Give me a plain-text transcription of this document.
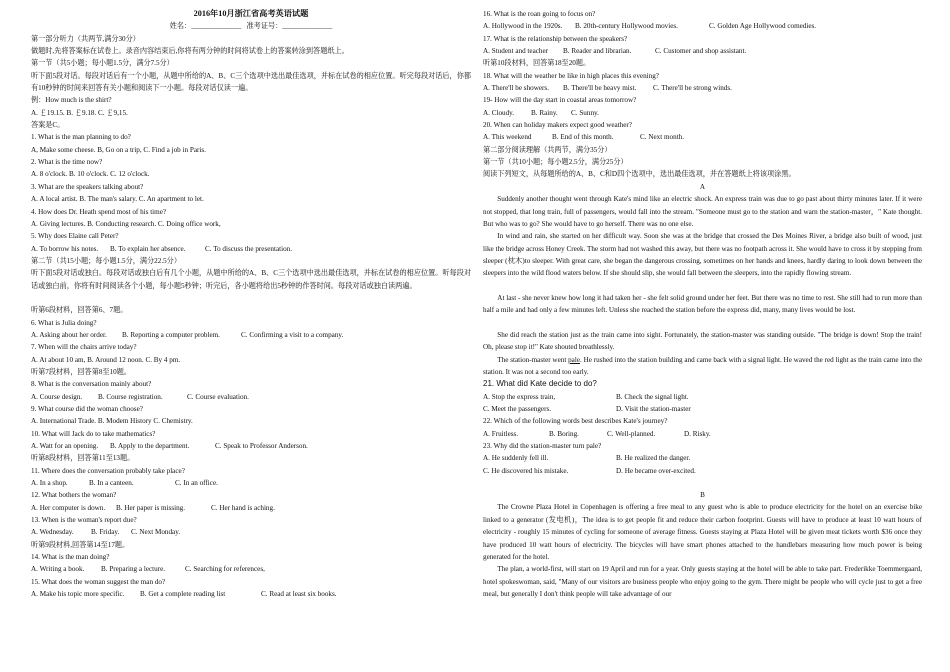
2016年10月浙江省高考英语试题
姓名：______________ 准考证号：______________
第一部分听力（共两节,满分30分）
做题时,先将答案标在试卷上。录音内容结束后,你将有两分钟的时间将试卷上的答案转涂到答题纸上。
第一节（共5小题；每小题1.5分，满分7.5分）
听下面5段对话。每段对话后有一个小题，从题中所给的A、B、C三个选项中选出最佳选项，并标在试卷的相应位置。听完每段对话后，你都有10秒钟的时间来回答有关小题和阅读下一小题。每段对话仅读一遍。
例：How much is the shirt?
A. ￡19.15. B. ￡9.18. C. ￡9,15.
答案是C。
1. What is the man planning to do?
A, Make some cheese. B, Go on a trip, C. Find a job in Paris.
2. What is the time now?
A. 8 o'clock. B. 10 o'clock. C. 12 o'clock.
3. What are the speakers talking about?
A. A local artist. B. The man's salary. C. An apartment to let.
4. How does Dr. Heath spend most of his time?
A. Giving lectures. B. Conducting research. C. Doing office work,
5. Why does Elaine call Peter?
A. To borrow his notes.	B. To explain her absence.	C. To discuss the presentation.
第二节（共15小题；每小题1.5分，满分22.5分）
听下面5段对话或独白。每段对话或独白后有几个小题，从题中所给的A、B、C三个选项中选出最佳选项，并标在试卷的相应位置。听每段对话或独白前，你将有时间阅读各个小题，每小题5秒钟；听完后，各小题将给出5秒钟的作答时间。每段对话或独白读两遍。
听第6段材料，回答第6、7题。
6. What is Julia doing?
A. Asking about her order.	B. Reporting a computer problem.	C. Confirming a visit to a company.
7. When will the chairs arrive today?
A. At about 10 am, B. Around 12 noon. C. By 4 pm.
听第7段材料，回答第8至10题。
8. What is the conversation mainly about?
A. Course design.	B. Course registration.	C. Course evaluation.
9. What course did the woman choose?
A. International Trade. B. Modem History C. Chemistry.
10. What will Jack do to take mathematics?
A. Watt for an opening.	B. Apply to the department.	C. Speak to Professor Anderson.
听第8段材料，回答第11至13题。
11. Where does the conversation probably take place?
A. In a shop.	B. In a canteen.	C. In an office.
12. What bothers the woman?
A. Her computer is down.	B. Her paper is missing.	C. Her hand is aching.
13. When is the woman's report due?
A. Wednesday.	B. Friday.	C. Next Monday.
听第9段材料,回答第14至17题。
14. What is the man doing?
A. Writing a book.	B. Preparing a lecture.	C. Searching for references,
15. What does the woman suggest the man do?
A. Make his topic more specific.	B. Get a complete reading list	C. Read at least six books.
16. What is the roan going to focus on?
A. Hollywood in the 1920s.	B. 20th-century Hollywood movies.	C. Golden Age Hollywood comedies.
17. What is the relationship between the speakers?
A. Student and teacher	B. Reader and librarian.	C. Customer and shop assistant.
听第10段材料，回答第18至20题。
18. What will the weather be like in high places this evening?
A. There'll be showers.	B. There'll be heavy mist.	C. There'll be strong winds.
19- How will the day start in coastal areas tomorrow?
A. Cloudy.	B. Rainy.	C. Sunny.
20. When can holiday makers expect good weather?
A. This weekend	B. End of this month.	C. Next month.
第二部分阅读理解（共两节，满分35分）
第一节（共10小题；每小题2.5分，满分25分）
阅读下列短文，从每题所给的A、B、C和D四个选项中，选出最佳选项，并在答题纸上将该项涂黑。
A
Suddenly another thought went through Kate's mind like an electric shock. An express train was due to go past about thirty minutes later. If it were not stopped, that long train, full of passengers, would fall into the stream. "Someone must go to the station and warn the station-master，" Kate thought. But who was to go? She would have to go herself. There was no one else.
In wind and rain, she started on her difficult way. Soon she was at the bridge that crossed the Des Moines River, a bridge also built of wood, just like the bridge across Honey Creek. The storm had not washed this away, but there was no footpath across it. She would have to cross it by stepping from sleeper (枕木)to sleeper. With great care, she began the dangerous crossing, sometimes on her hands and knees, hardly daring to look down between the sleepers into the wild flood waters below. If she should slip, she would fall between the sleepers, into the rapidly flowing stream.
At last - she never knew how long it had taken her - she felt solid ground under her feet. But there was no time to rest. She still had to run more than half a mile and had only a few minutes left. Unless she reached the station before the express did, many, many lives would be lost.
She did reach the station just as the train came into sight. Fortunately, the station-master was standing outside. "The bridge is down! Stop the train! Oh, please stop it!" Kate shouted breathlessly.
The station-master went pale. He rushed into the station building and came back with a signal light. He waved the red light as the train came into the station. It was not a second too early.
21. What did Kate decide to do?
A. Stop the express train,	B. Check the signal light.
C. Meet the passengers.	D. Visit the station-master
22. Which of the following words best describes Kate's journey?
A. Fruitless.	B. Boring.	C. Well-planned.	D. Risky.
23. Why did the station-master turn pale?
A. He suddenly fell ill.	B. He realized the danger.
C. He discovered his mistake.	D. He became over-excited.
B
The Crowne Plaza Hotel in Copenhagen is offering a free meal to any guest who is able to produce electricity for the hotel on an exercise bike linked to a generator (发电机)，The idea is to get people fit and reduce their carbon footprint. Guests will have to produce at least 10 watt hours of electricity - roughly 15 minutes of cycling for someone of average fitness. Guests staying at Plaza Hotel will be given meat tickets worth $36 once they have produced 10 watt hours of electricity. The bicycles will have smart phones attached to the handlebars measuring how much power is being generated for the hotel.
The plan, a world-first, will start on 19 April and run for a year. Only guests staying at the hotel will be able to take part. Frederikke Toemmergaard, hotel spokeswoman, said, "Many of our visitors are business people who enjoy going to the gym. There might be people who will cycle just to get a free meal, but generally I don't think people will take advantage of our
